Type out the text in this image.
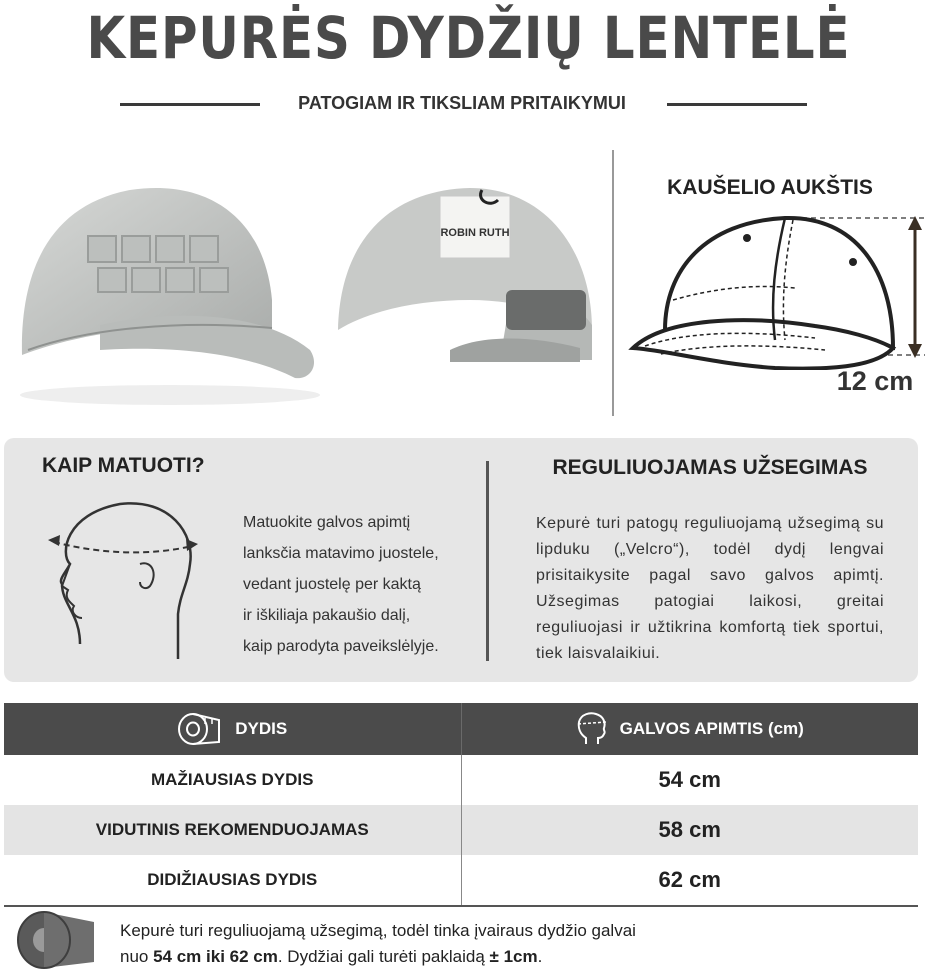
KEPURĖS DYDŽIŲ LENTELĖ
PATOGIAM IR TIKSLIAM PRITAIKYMUI
ROBIN RUTH
KAUŠELIO AUKŠTIS
12 cm
KAIP MATUOTI?
Matuokite galvos apimtį
lanksčia matavimo juostele,
vedant juostelę per kaktą
ir iškiliaja pakaušio dalį,
kaip parodyta paveikslėlyje.
REGULIUOJAMAS UŽSEGIMAS
Kepurė turi patogų reguliuojamą užsegimą su lipduku („Velcro“), todėl dydį lengvai prisitaikysite pagal savo galvos apimtį. Užsegimas patogiai laikosi, greitai reguliuojasi ir užtikrina komfortą tiek sportui, tiek laisvalaikiui.
DYDIS	GALVOS APIMTIS (cm)
MAŽIAUSIAS DYDIS	54 cm
VIDUTINIS REKOMENDUOJAMAS	58 cm
DIDIŽIAUSIAS DYDIS	62 cm
Kepurė turi reguliuojamą užsegimą, todėl tinka įvairaus dydžio galvai
nuo 54 cm iki 62 cm. Dydžiai gali turėti paklaidą ± 1cm.
